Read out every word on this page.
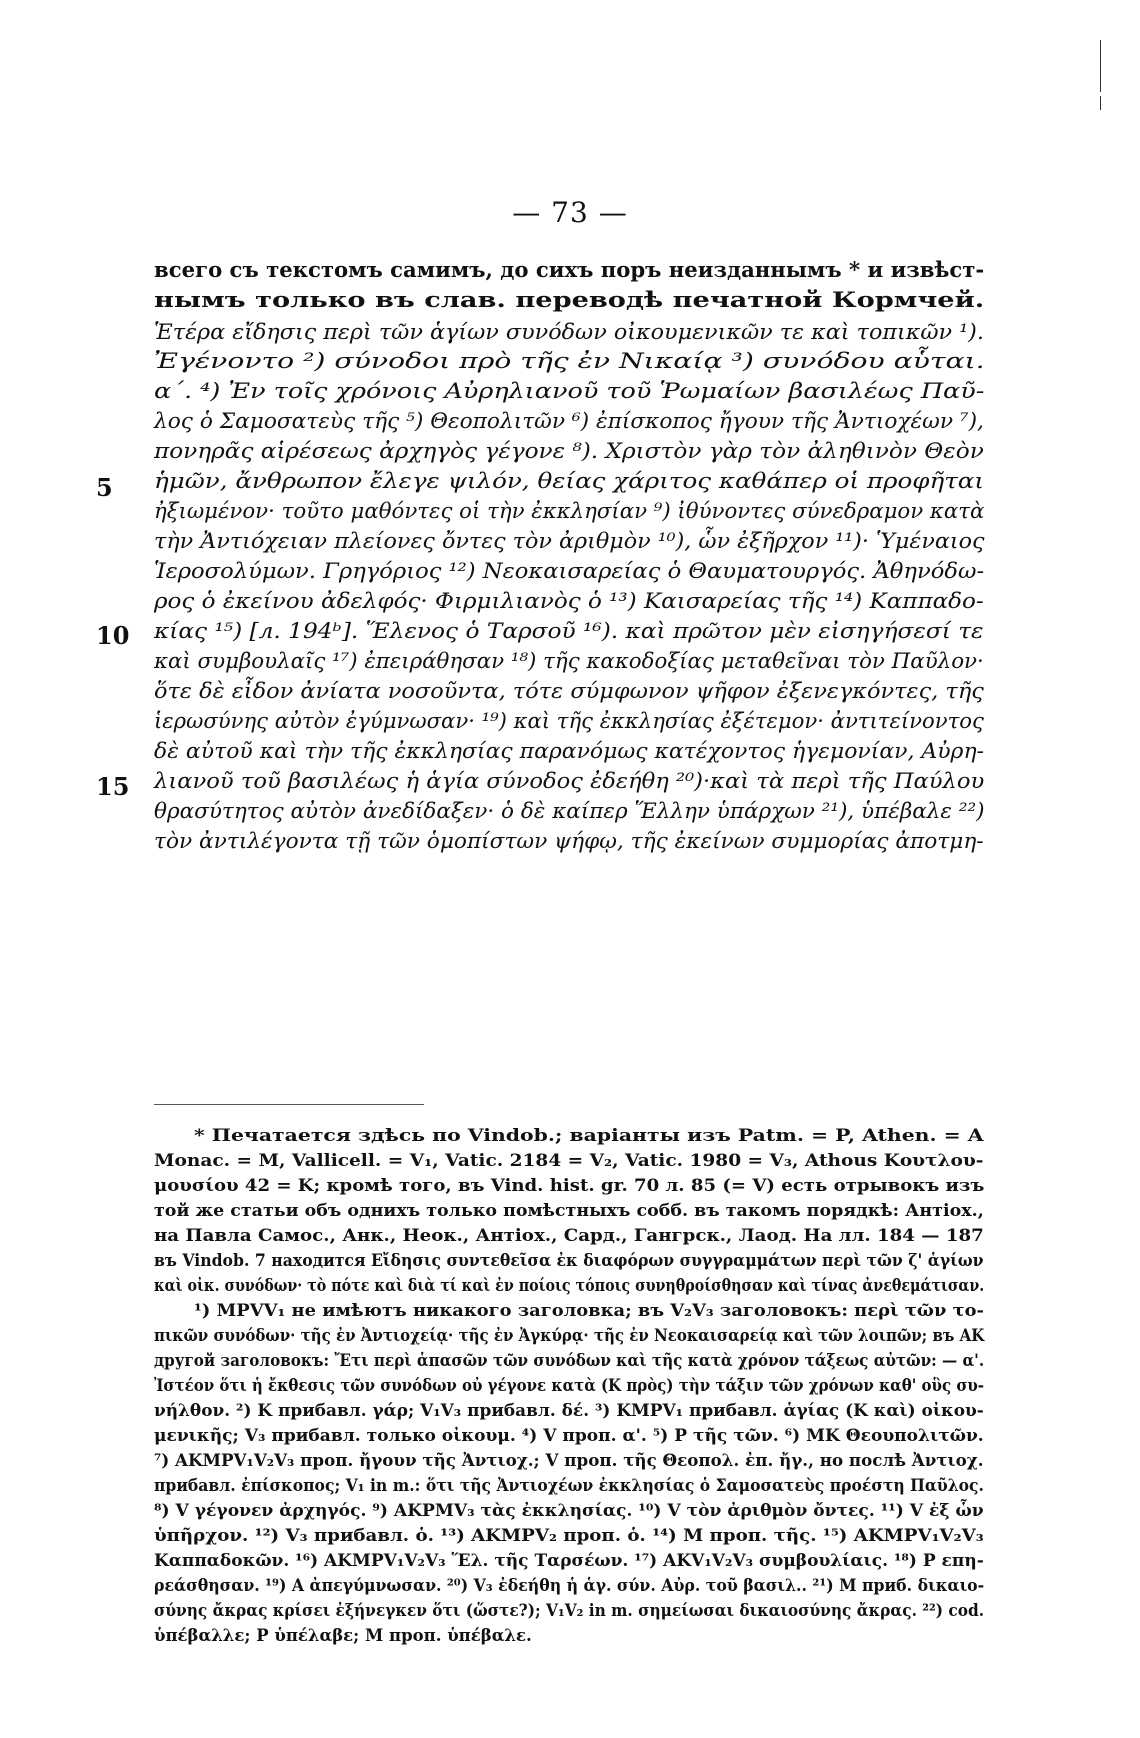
— 73 —
5
10
15
всего съ текстомъ самимъ, до сихъ поръ неизданнымъ * и извѣст-
нымъ только въ слав. переводѣ печатной Кормчей.
Ἑτέρα εἴδησις περὶ τῶν ἁγίων συνόδων οἰκουμενικῶν τε καὶ τοπικῶν ¹).
Ἐγένοντο ²) σύνοδοι πρὸ τῆς ἐν Νικαίᾳ ³) συνόδου αὗται.
α΄. ⁴) Ἐν τοῖς χρόνοις Αὐρηλιανοῦ τοῦ Ῥωμαίων βασιλέως Παῦ-
λος ὁ Σαμοσατεὺς τῆς ⁵) Θεοπολιτῶν ⁶) ἐπίσκοπος ἤγουν τῆς Ἀντιοχέων ⁷),
πονηρᾶς αἱρέσεως ἀρχηγὸς γέγονε ⁸). Χριστὸν γὰρ τὸν ἀληθινὸν Θεὸν
ἡμῶν, ἄνθρωπον ἔλεγε ψιλόν, θείας χάριτος καθάπερ οἱ προφῆται
ἠξιωμένον· τοῦτο μαθόντες οἱ τὴν ἐκκλησίαν ⁹) ἰθύνοντες σύνεδραμον κατὰ
τὴν Ἀντιόχειαν πλείονες ὄντες τὸν ἀριθμὸν ¹⁰), ὧν ἐξῆρχον ¹¹)· Ὑμέναιος
Ἱεροσολύμων. Γρηγόριος ¹²) Νεοκαισαρείας ὁ Θαυματουργός. Ἀθηνόδω-
ρος ὁ ἐκείνου ἀδελφός· Φιρμιλιανὸς ὁ ¹³) Καισαρείας τῆς ¹⁴) Καππαδο-
κίας ¹⁵) [л. 194ᵇ]. Ἕλενος ὁ Ταρσοῦ ¹⁶). καὶ πρῶτον μὲν εἰσηγήσεσί τε
καὶ συμβουλαῖς ¹⁷) ἐπειράθησαν ¹⁸) τῆς κακοδοξίας μεταθεῖναι τὸν Παῦλον·
ὅτε δὲ εἶδον ἀνίατα νοσοῦντα, τότε σύμφωνον ψῆφον ἐξενεγκόντες, τῆς
ἱερωσύνης αὐτὸν ἐγύμνωσαν· ¹⁹) καὶ τῆς ἐκκλησίας ἐξέτεμον· ἀντιτείνοντος
δὲ αὐτοῦ καὶ τὴν τῆς ἐκκλησίας παρανόμως κατέχοντος ἡγεμονίαν, Αὐρη-
λιανοῦ τοῦ βασιλέως ἡ ἁγία σύνοδος ἐδεήθη ²⁰)·καὶ τὰ περὶ τῆς Παύλου
θρασύτητος αὐτὸν ἀνεδίδαξεν· ὁ δὲ καίπερ Ἕλλην ὑπάρχων ²¹), ὑπέβαλε ²²)
τὸν ἀντιλέγοντα τῇ τῶν ὁμοπίστων ψήφῳ, τῆς ἐκείνων συμμορίας ἀποτμη-
* Печатается здѣсь по Vindob.; варіанты изъ Patm. = P, Athen. = A
Monac. = M, Vallicell. = V₁, Vatic. 2184 = V₂, Vatic. 1980 = V₃, Athous Κουτλου-
μουσίου 42 = K; кромѣ того, въ Vind. hist. gr. 70 л. 85 (= V) есть отрывокъ изъ
той же статьи объ однихъ только помѣстныхъ собб. въ такомъ порядкѣ: Антіох.,
на Павла Самос., Анк., Неок., Антіох., Сард., Гангрск., Лаод. На лл. 184 — 187
въ Vindob. 7 находится Εἴδησις συντεθεῖσα ἐκ διαφόρων συγγραμμάτων περὶ τῶν ζ' ἁγίων
καὶ οἰκ. συνόδων· τὸ πότε καὶ διὰ τί καὶ ἐν ποίοις τόποις συνηθροίσθησαν καὶ τίνας ἀνεθεμάτισαν.
¹) MPVV₁ не имѣютъ никакого заголовка; въ V₂V₃ заголовокъ: περὶ τῶν το-
πικῶν συνόδων· τῆς ἐν Ἀντιοχείᾳ· τῆς ἐν Ἀγκύρᾳ· τῆς ἐν Νεοκαισαρείᾳ καὶ τῶν λοιπῶν; въ AK
другой заголовокъ: Ἔτι περὶ ἁπασῶν τῶν συνόδων καὶ τῆς κατὰ χρόνον τάξεως αὐτῶν: — α'.
Ἰστέον ὅτι ἡ ἔκθεσις τῶν συνόδων οὐ γέγονε κατὰ (K πρὸς) τὴν τάξιν τῶν χρόνων καθ' οὓς συ-
νήλθον. ²) K прибавл. γάρ; V₁V₃ прибавл. δέ. ³) KMPV₁ прибавл. ἁγίας (K καὶ) οἰκου-
μενικῆς; V₃ прибавл. только οἰκουμ. ⁴) V проп. α'. ⁵) P τῆς τῶν. ⁶) MK Θεουπολιτῶν.
⁷) AKMPV₁V₂V₃ проп. ἤγουν τῆς Ἀντιοχ.; V проп. τῆς Θεοπολ. ἐπ. ἤγ., но послѣ Ἀντιοχ.
прибавл. ἐπίσκοπος; V₁ in m.: ὅτι τῆς Ἀντιοχέων ἐκκλησίας ὁ Σαμοσατεὺς προέστη Παῦλος.
⁸) V γέγονεν ἀρχηγός. ⁹) AKPMV₃ τὰς ἐκκλησίας. ¹⁰) V τὸν ἀριθμὸν ὄντες. ¹¹) V ἐξ ὧν
ὑπῆρχον. ¹²) V₃ прибавл. ὁ. ¹³) AKMPV₂ проп. ὁ. ¹⁴) M проп. τῆς. ¹⁵) AKMPV₁V₂V₃
Καππαδοκῶν. ¹⁶) AKMPV₁V₂V₃ Ἕλ. τῆς Ταρσέων. ¹⁷) AKV₁V₂V₃ συμβουλίαις. ¹⁸) P επη-
ρεάσθησαν. ¹⁹) A ἀπεγύμνωσαν. ²⁰) V₃ ἐδεήθη ἡ ἁγ. σύν. Αὐρ. τοῦ βασιλ.. ²¹) M приб. δικαιο-
σύνης ἄκρας κρίσει ἐξήνεγκεν ὅτι (ὥστε?); V₁V₂ in m. σημείωσαι δικαιοσύνης ἄκρας. ²²) cod.
ὑπέβαλλε; P ὑπέλαβε; M проп. ὑπέβαλε.
